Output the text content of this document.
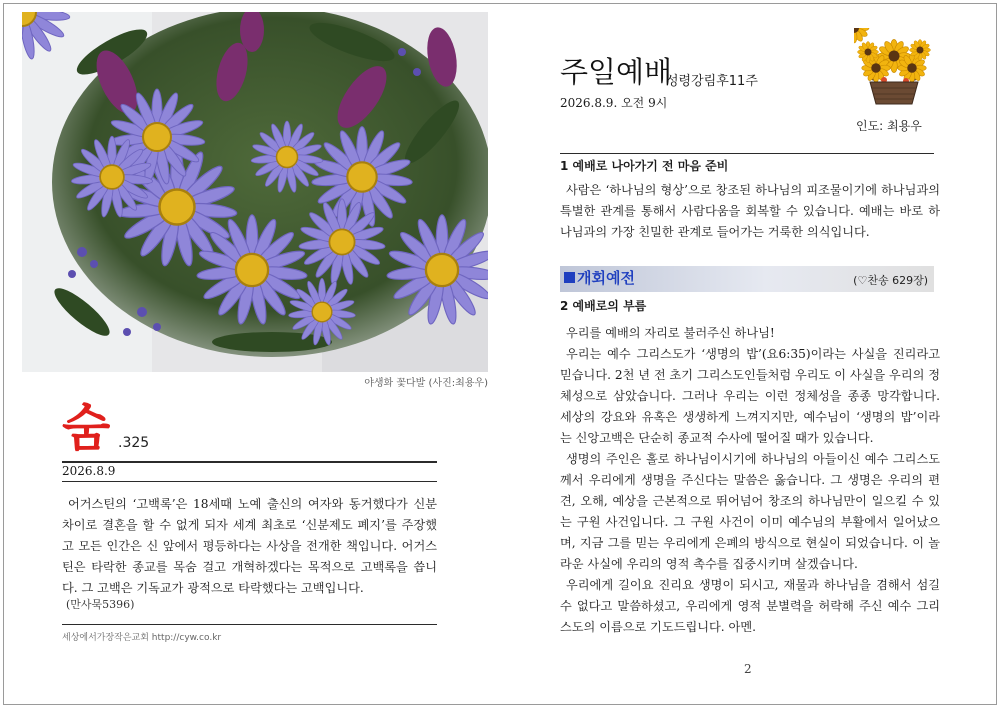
야생화 꽃다발 (사진:최용우)
숨 .325
2026.8.9

어거스틴의 ‘고백록’은 18세때 노예 출신의 여자와 동거했다가 신분 차이로 결혼을 할 수 없게 되자 세계 최초로 ‘신분제도 폐지’를 주장했고 모든 인간은 신 앞에서 평등하다는 사상을 전개한 책입니다. 어거스틴은 타락한 종교를 목숨 걸고 개혁하겠다는 목적으로 고백록을 씁니다. 그 고백은 기독교가 광적으로 타락했다는 고백입니다.

(만사묵5396)
세상에서가장작은교회 http://cyw.co.kr
주일예배
성령강림후11주
2026.8.9. 오전 9시
인도: 최용우
1 예배로 나아가기 전 마음 준비

사람은 ‘하나님의 형상’으로 창조된 하나님의 피조물이기에 하나님과의 특별한 관계를 통해서 사람다움을 회복할 수 있습니다. 예배는 바로 하나님과의 가장 친밀한 관계로 들어가는 거룩한 의식입니다.

개회예전	(♡찬송 629장)
2 예배로의 부름

우리를 예배의 자리로 불러주신 하나님!

우리는 예수 그리스도가 ‘생명의 밥’(요6:35)이라는 사실을 진리라고 믿습니다. 2천 년 전 초기 그리스도인들처럼 우리도 이 사실을 우리의 정체성으로 삼았습니다. 그러나 우리는 이런 정체성을 종종 망각합니다. 세상의 강요와 유혹은 생생하게 느껴지지만, 예수님이 ‘생명의 밥’이라는 신앙고백은 단순히 종교적 수사에 떨어질 때가 있습니다.

생명의 주인은 홀로 하나님이시기에 하나님의 아들이신 예수 그리스도께서 우리에게 생명을 주신다는 말씀은 옳습니다. 그 생명은 우리의 편견, 오해, 예상을 근본적으로 뛰어넘어 창조의 하나님만이 일으킬 수 있는 구원 사건입니다. 그 구원 사건이 이미 예수님의 부활에서 일어났으며, 지금 그를 믿는 우리에게 은폐의 방식으로 현실이 되었습니다. 이 놀라운 사실에 우리의 영적 촉수를 집중시키며 살겠습니다.

우리에게 길이요 진리요 생명이 되시고, 재물과 하나님을 겸해서 섬길 수 없다고 말씀하셨고, 우리에게 영적 분별력을 허락해 주신 예수 그리스도의 이름으로 기도드립니다. 아멘.

2
